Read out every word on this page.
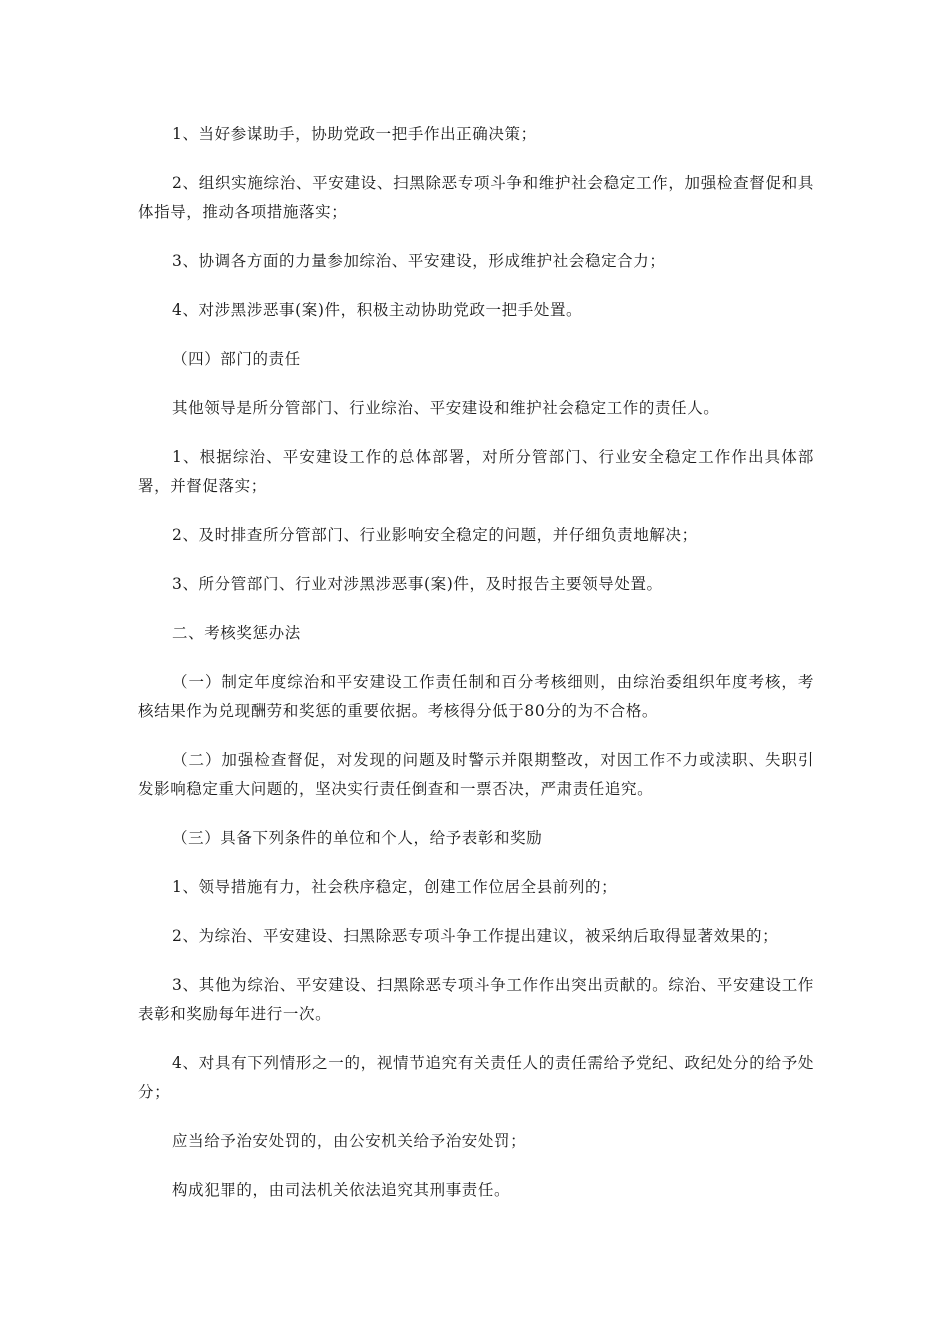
1、当好参谋助手，协助党政一把手作出正确决策；

2、组织实施综治、平安建设、扫黑除恶专项斗争和维护社会稳定工作，加强检查督促和具体指导，推动各项措施落实；

3、协调各方面的力量参加综治、平安建设，形成维护社会稳定合力；

4、对涉黑涉恶事(案)件，积极主动协助党政一把手处置。

（四）部门的责任

其他领导是所分管部门、行业综治、平安建设和维护社会稳定工作的责任人。

1、根据综治、平安建设工作的总体部署，对所分管部门、行业安全稳定工作作出具体部署，并督促落实；

2、及时排查所分管部门、行业影响安全稳定的问题，并仔细负责地解决；

3、所分管部门、行业对涉黑涉恶事(案)件，及时报告主要领导处置。

二、考核奖惩办法

（一）制定年度综治和平安建设工作责任制和百分考核细则，由综治委组织年度考核，考核结果作为兑现酬劳和奖惩的重要依据。考核得分低于80分的为不合格。

（二）加强检查督促，对发现的问题及时警示并限期整改，对因工作不力或渎职、失职引发影响稳定重大问题的，坚决实行责任倒查和一票否决，严肃责任追究。

（三）具备下列条件的单位和个人，给予表彰和奖励

1、领导措施有力，社会秩序稳定，创建工作位居全县前列的；

2、为综治、平安建设、扫黑除恶专项斗争工作提出建议，被采纳后取得显著效果的；

3、其他为综治、平安建设、扫黑除恶专项斗争工作作出突出贡献的。综治、平安建设工作表彰和奖励每年进行一次。

4、对具有下列情形之一的，视情节追究有关责任人的责任需给予党纪、政纪处分的给予处分；

应当给予治安处罚的，由公安机关给予治安处罚；

构成犯罪的，由司法机关依法追究其刑事责任。
